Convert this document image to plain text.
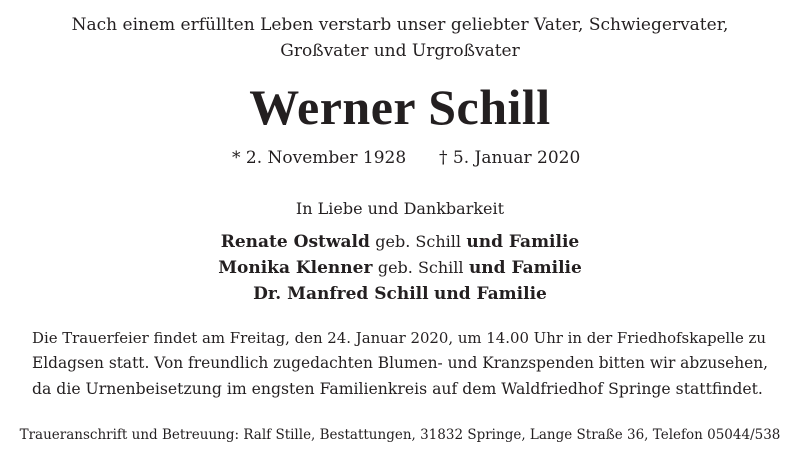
Nach einem erfüllten Leben verstarb unser geliebter Vater, Schwiegervater,
Großvater und Urgroßvater
Werner Schill
* 2. November 1928 † 5. Januar 2020
In Liebe und Dankbarkeit
Renate Ostwald geb. Schill und Familie
Monika Klenner geb. Schill und Familie
Dr. Manfred Schill und Familie
Die Trauerfeier findet am Freitag, den 24. Januar 2020, um 14.00 Uhr in der Friedhofskapelle zu
Eldagsen statt. Von freundlich zugedachten Blumen- und Kranzspenden bitten wir abzusehen,
da die Urnenbeisetzung im engsten Familienkreis auf dem Waldfriedhof Springe stattfindet.
Traueranschrift und Betreuung: Ralf Stille, Bestattungen, 31832 Springe, Lange Straße 36, Telefon 05044/538
